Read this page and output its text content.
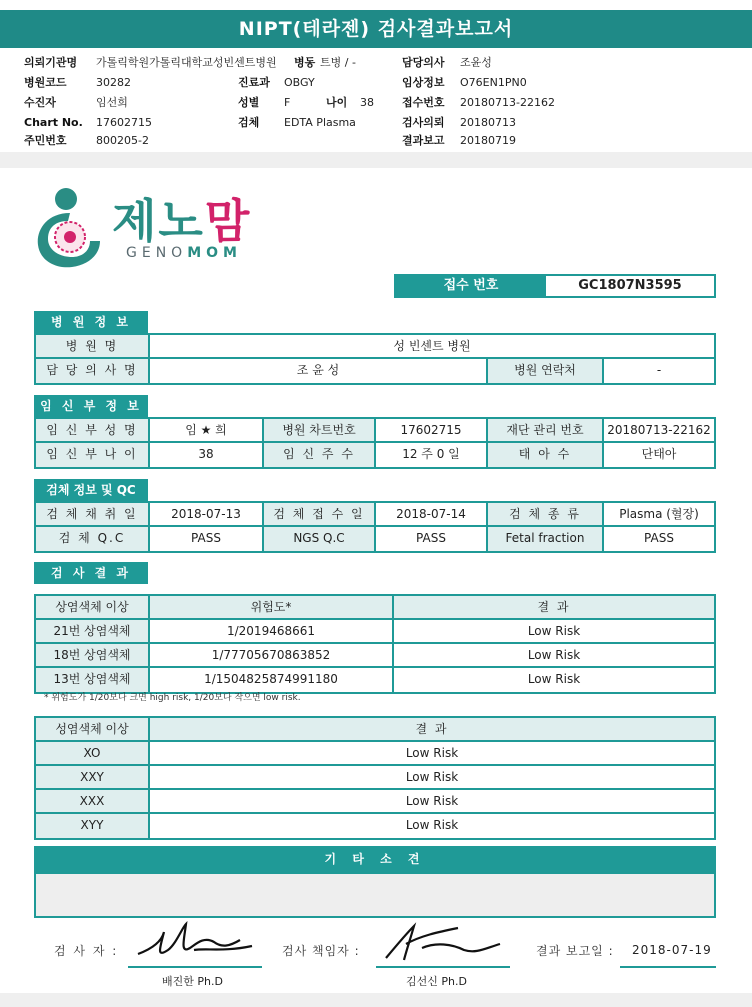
NIPT(테라젠) 검사결과보고서
의뢰기관명 가톨릭학원가톨릭대학교성빈센트병원 병동 트병 / -	담당의사 조윤성
병원코드	30282	진료과 OBGY	임상정보 O76EN1PN0
수진자	임선희	성별 F	나이 38	접수번호 20180713-22162
Chart No. 17602715	검체 EDTA Plasma	검사의뢰 20180713
주민번호	800205-2	결과보고 20180719
제노맘
GENOMOM
접수 번호	GC1807N3595
병 원 정 보
병 원 명	성 빈센트 병원
담 당 의 사 명	조 윤 성	병원 연락처	-
임 신 부 정 보
임 신 부 성 명	임 ★ 희	병원 차트번호	17602715	재단 관리 번호	20180713-22162
임 신 부 나 이	38	임 신 주 수	12 주 0 일	태 아 수	단태아
검체 정보 및 QC
검 체 채 취 일	2018-07-13	검 체 접 수 일	2018-07-14	검 체 종 류	Plasma (혈장)
검 체 Q.C	PASS	NGS Q.C	PASS	Fetal fraction	PASS
검 사 결 과
상염색체 이상	위험도*	결 과
21번 상염색체	1/2019468661	Low Risk
18번 상염색체	1/77705670863852	Low Risk
13번 상염색체	1/1504825874991180	Low Risk
* 위험도가 1/20보다 크면 high risk, 1/20보다 작으면 low risk.
성염색체 이상	결 과
XO	Low Risk
XXY	Low Risk
XXX	Low Risk
XYY	Low Risk
기 타 소 견
검 사 자 :
배진한 Ph.D
검사 책임자 :
김선신 Ph.D
결과 보고일 : 2018-07-19
